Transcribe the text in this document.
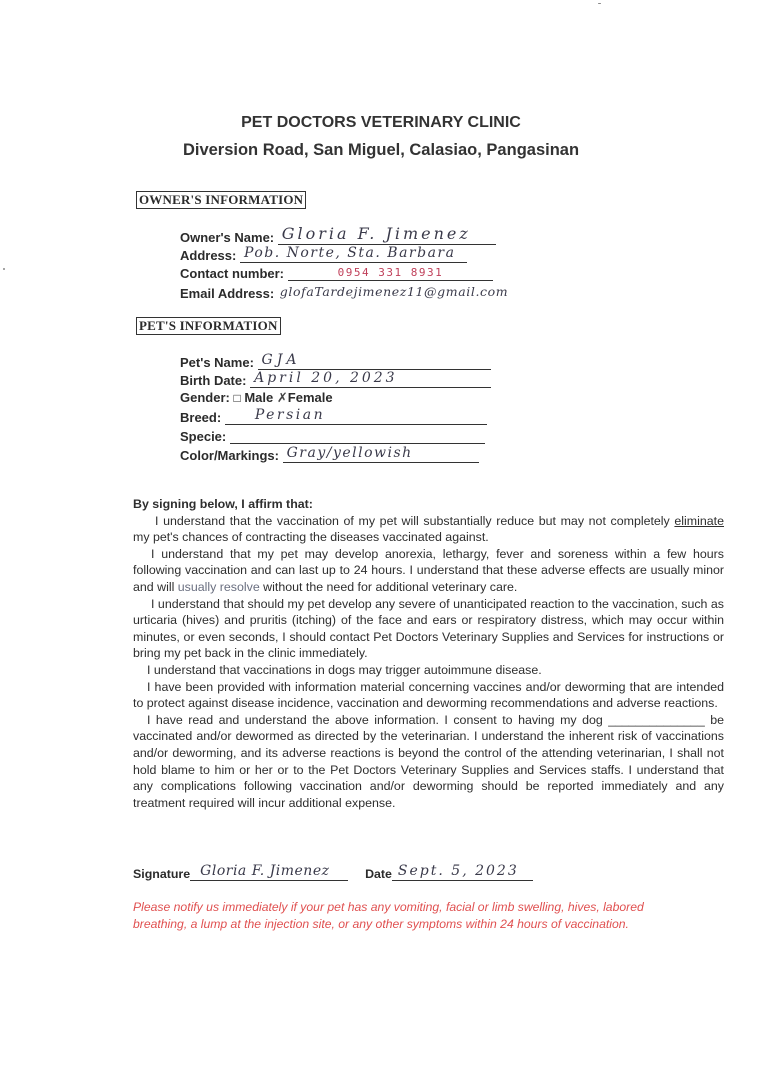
PET DOCTORS VETERINARY CLINIC
Diversion Road, San Miguel, Calasiao, Pangasinan
OWNER'S INFORMATION
Owner's Name: Gloria F. Jimenez
Address: Pob. Norte, Sta. Barbara
Contact number:	0954 331 8931
Email Address: glofaTardejimenez11@gmail.com
PET'S INFORMATION
Pet's Name: GJA
Birth Date: April 20, 2023
Gender: □ Male ✗Female
Breed: Persian
Specie:
Color/Markings: Gray/yellowish

By signing below, I affirm that:

I understand that the vaccination of my pet will substantially reduce but may not completely eliminate my pet's chances of contracting the diseases vaccinated against.

I understand that my pet may develop anorexia, lethargy, fever and soreness within a few hours following vaccination and can last up to 24 hours. I understand that these adverse effects are usually minor and will usually resolve without the need for additional veterinary care.

I understand that should my pet develop any severe of unanticipated reaction to the vaccination, such as urticaria (hives) and pruritis (itching) of the face and ears or respiratory distress, which may occur within minutes, or even seconds, I should contact Pet Doctors Veterinary Supplies and Services for instructions or bring my pet back in the clinic immediately.

I understand that vaccinations in dogs may trigger autoimmune disease.

I have been provided with information material concerning vaccines and/or deworming that are intended to protect against disease incidence, vaccination and deworming recommendations and adverse reactions.

I have read and understand the above information. I consent to having my dog ______________ be vaccinated and/or dewormed as directed by the veterinarian. I understand the inherent risk of vaccinations and/or deworming, and its adverse reactions is beyond the control of the attending veterinarian, I shall not hold blame to him or her or to the Pet Doctors Veterinary Supplies and Services staffs. I understand that any complications following vaccination and/or deworming should be reported immediately and any treatment required will incur additional expense.

Signature Gloria F. Jimenez	Date Sept. 5, 2023
Please notify us immediately if your pet has any vomiting, facial or limb swelling, hives, labored breathing, a lump at the injection site, or any other symptoms within 24 hours of vaccination.
